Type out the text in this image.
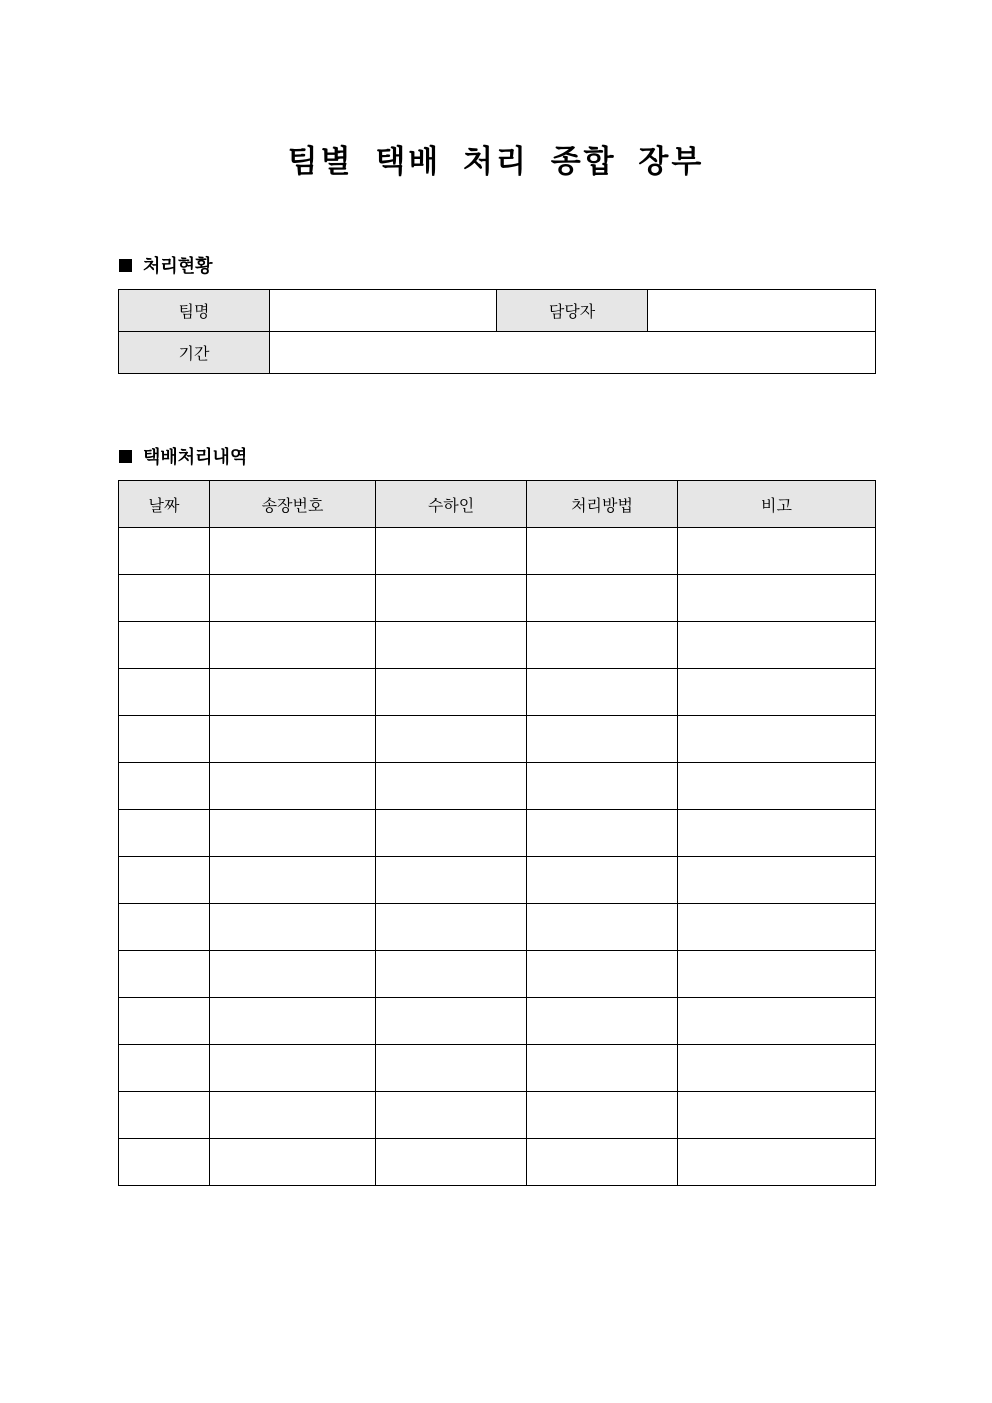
팀별 택배 처리 종합 장부
처리현황
팀명		담당자	
기간			
택배처리내역
날짜	송장번호	수하인	처리방법	비고
